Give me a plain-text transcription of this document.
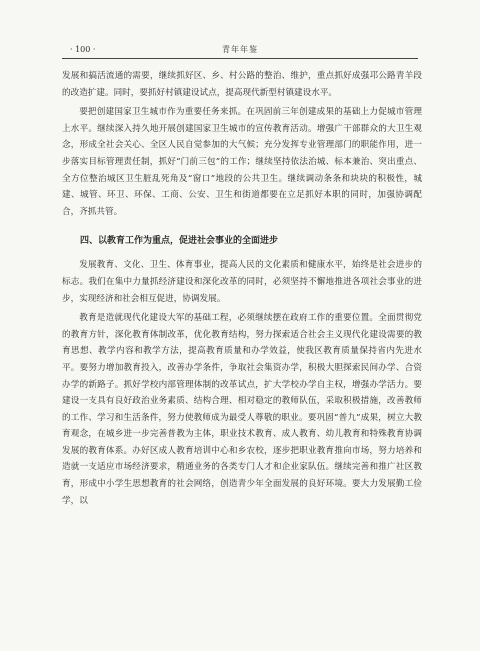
· 100 ·	青年年鉴

发展和搞活流通的需要，继续抓好区、乡、村公路的整治、维护，重点抓好成强邛公路青羊段的改造扩建。同时，要抓好村镇建设试点，提高现代新型村镇建设水平。

要把创建国家卫生城市作为重要任务来抓。在巩固前三年创建成果的基础上力促城市管理上水平。继续深入持久地开展创建国家卫生城市的宣传教育活动。增强广干部群众的大卫生观念，形成全社会关心、全区人民自觉参加的大气候；充分发挥专业管理部门的职能作用，进一步落实目标管理责任制，抓好“门前三包”的工作；继续坚持依法治城、标本兼治、突出重点、全方位整治城区卫生脏乱死角及“窗口”地段的公共卫生。继续调动条条和块块的积极性，城建、城管、环卫、环保、工商、公安、卫生和街道都要在立足抓好本职的同时，加强协调配合，齐抓共管。

四、以教育工作为重点，促进社会事业的全面进步

发展教育、文化、卫生、体育事业，提高人民的文化素质和健康水平，始终是社会进步的标志。我们在集中力量抓经济建设和深化改革的同时，必须坚持不懈地推进各项社会事业的进步，实现经济和社会相互促进，协调发展。

教育是造就现代化建设大军的基础工程，必须继续摆在政府工作的重要位置。全面贯彻党的教育方针，深化教育体制改革，优化教育结构，努力探索适合社会主义现代化建设需要的教育思想、教学内容和教学方法，提高教育质量和办学效益，使我区教育质量保持省内先进水平。要努力增加教育投入，改善办学条件，争取社会集资办学，积极大胆探索民间办学、合资办学的新路子。抓好学校内部管理体制的改革试点，扩大学校办学自主权，增强办学活力。要建设一支具有良好政治业务素质、结构合理、相对稳定的教师队伍，采取积极措施，改善教师的工作、学习和生活条件，努力使教师成为最受人尊敬的职业。要巩固“普九”成果，树立大教育观念，在城乡进一步完善普教为主体，职业技术教育、成人教育、幼儿教育和特殊教育协调发展的教育体系。办好区成人教育培训中心和乡农校，逐步把职业教育推向市场，努力培养和造就一支适应市场经济要求，精通业务的各类专门人才和企业家队伍。继续完善和推广社区教育，形成中小学生思想教育的社会网络，创造青少年全面发展的良好环境。要大力发展勤工俭学，以
